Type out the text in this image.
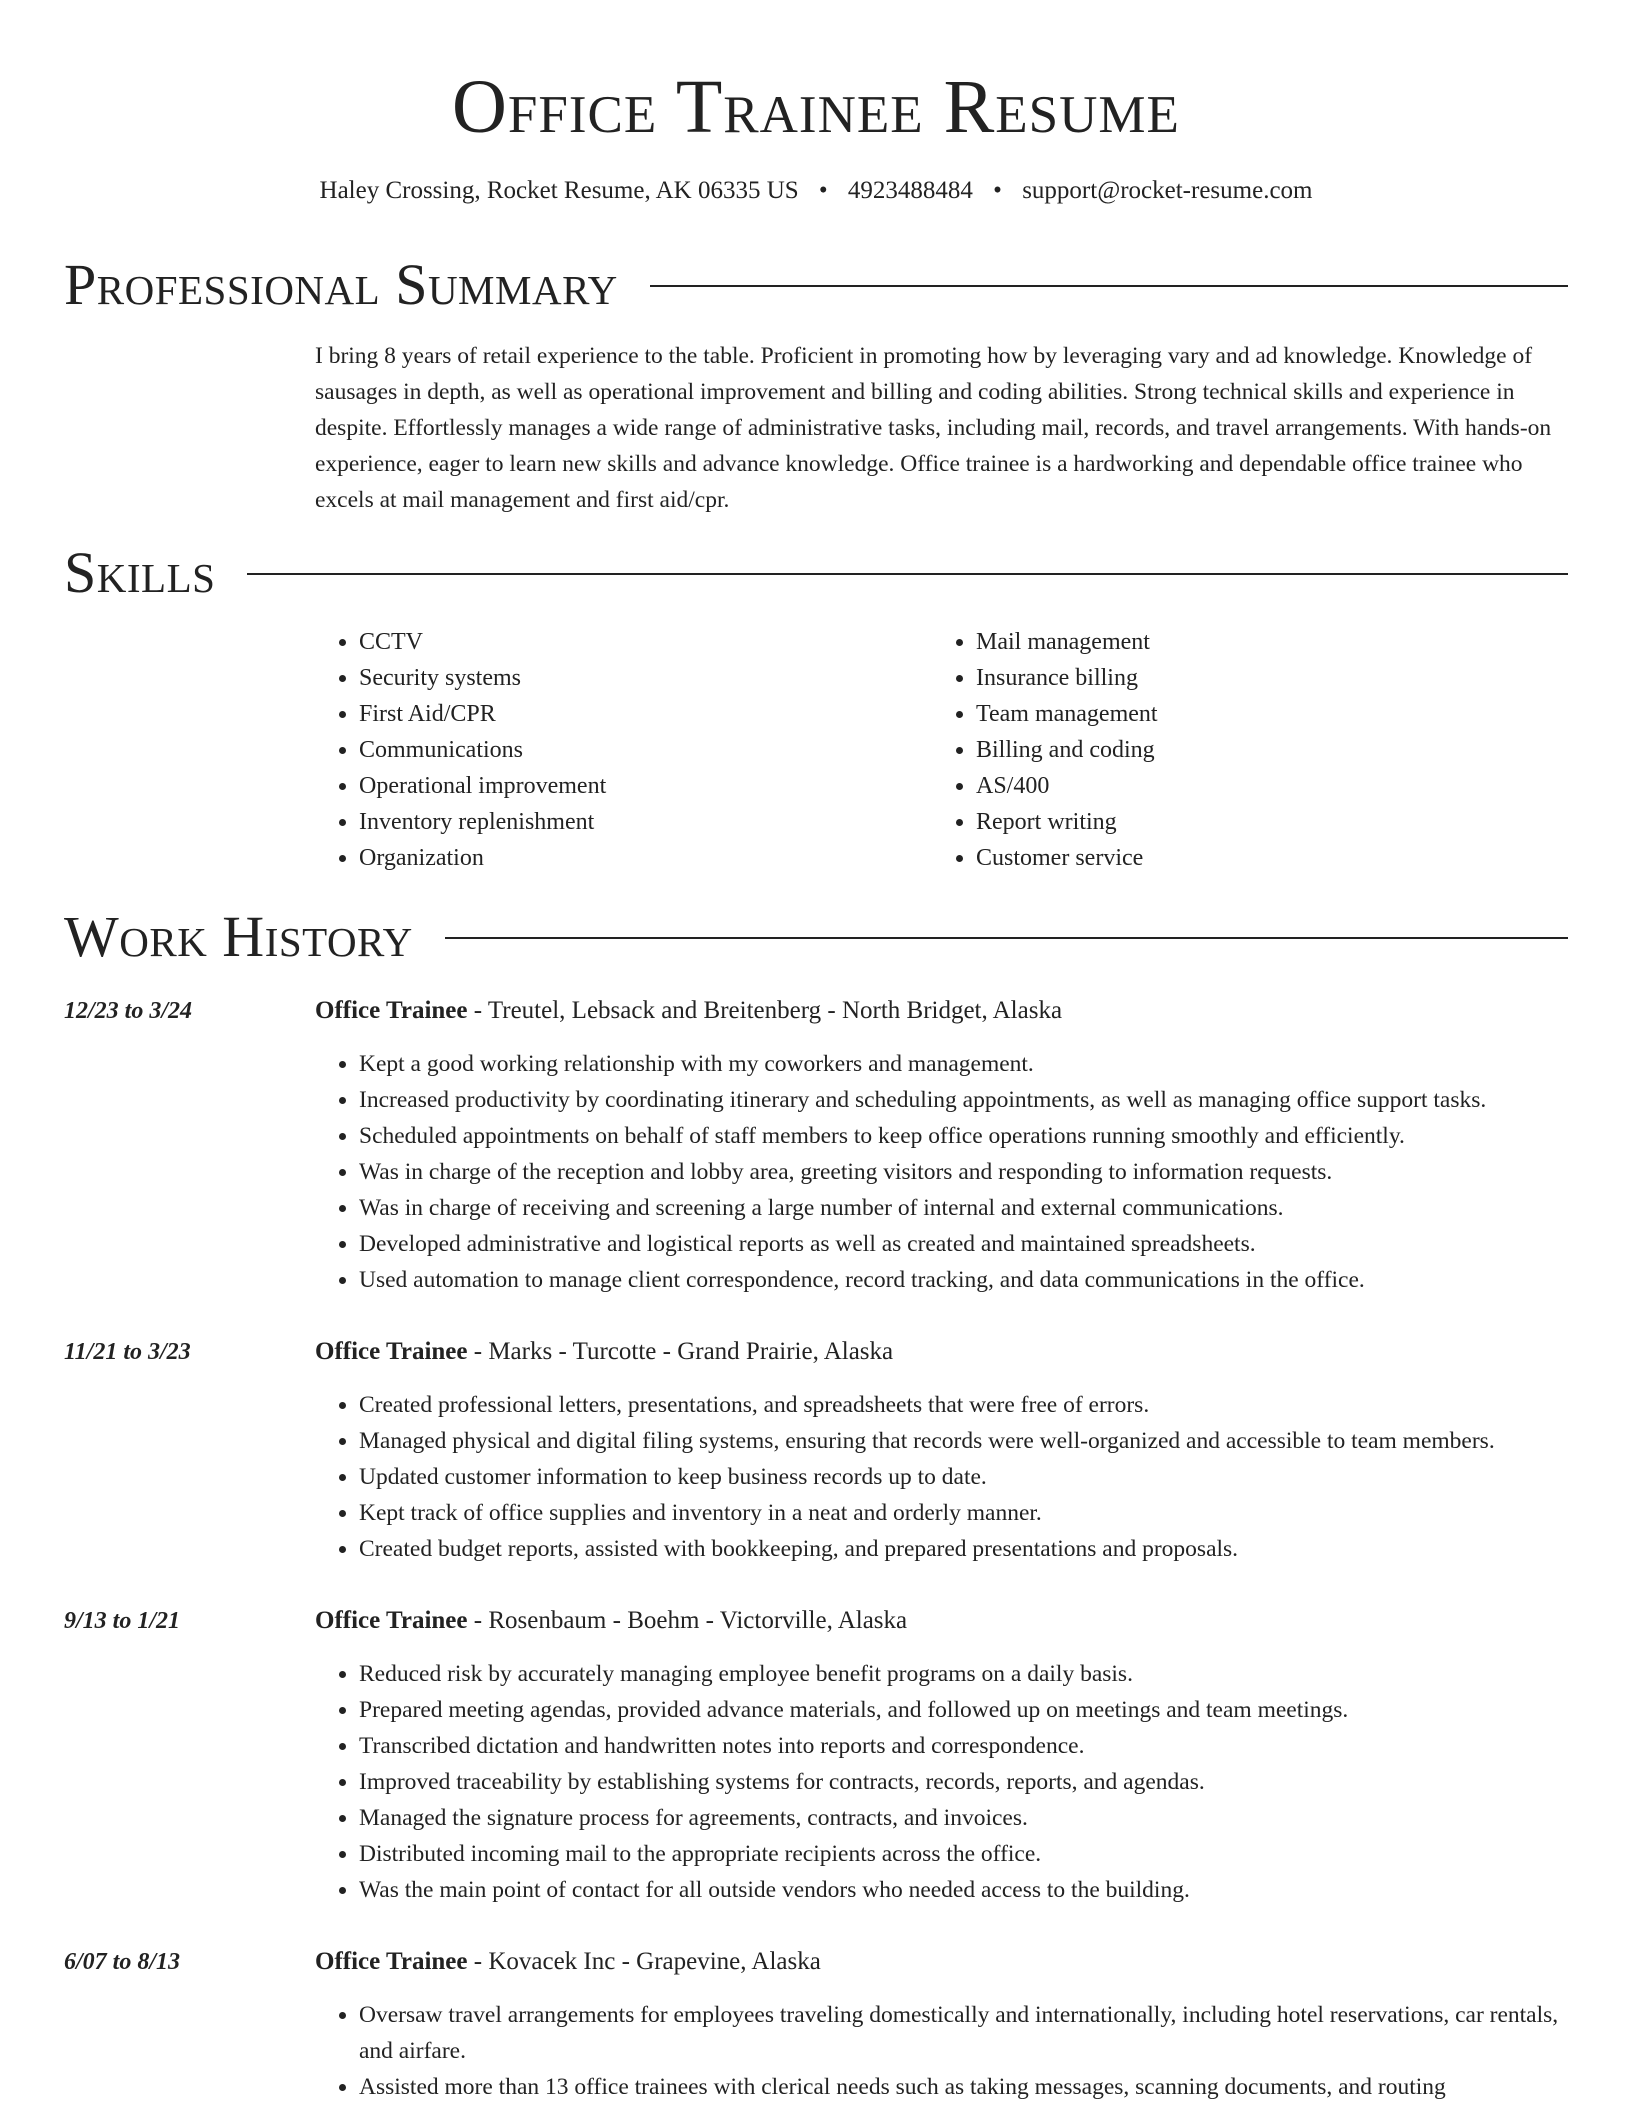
Office Trainee Resume
Haley Crossing, Rocket Resume, AK 06335 US • 4923488484 • support@rocket-resume.com
Professional Summary

I bring 8 years of retail experience to the table. Proficient in promoting how by leveraging vary and ad knowledge. Knowledge of sausages in depth, as well as operational improvement and billing and coding abilities. Strong technical skills and experience in despite. Effortlessly manages a wide range of administrative tasks, including mail, records, and travel arrangements. With hands-on experience, eager to learn new skills and advance knowledge. Office trainee is a hardworking and dependable office trainee who excels at mail management and first aid/cpr.

Skills
• CCTV
• Security systems
• First Aid/CPR
• Communications
• Operational improvement
• Inventory replenishment
• Organization
• Mail management
• Insurance billing
• Team management
• Billing and coding
• AS/400
• Report writing
• Customer service
Work History
12/23 to 3/24	Office Trainee - Treutel, Lebsack and Breitenberg - North Bridget, Alaska
• Kept a good working relationship with my coworkers and management.
• Increased productivity by coordinating itinerary and scheduling appointments, as well as managing office support tasks.
• Scheduled appointments on behalf of staff members to keep office operations running smoothly and efficiently.
• Was in charge of the reception and lobby area, greeting visitors and responding to information requests.
• Was in charge of receiving and screening a large number of internal and external communications.
• Developed administrative and logistical reports as well as created and maintained spreadsheets.
• Used automation to manage client correspondence, record tracking, and data communications in the office.
11/21 to 3/23	Office Trainee - Marks - Turcotte - Grand Prairie, Alaska
• Created professional letters, presentations, and spreadsheets that were free of errors.
• Managed physical and digital filing systems, ensuring that records were well-organized and accessible to team members.
• Updated customer information to keep business records up to date.
• Kept track of office supplies and inventory in a neat and orderly manner.
• Created budget reports, assisted with bookkeeping, and prepared presentations and proposals.
9/13 to 1/21	Office Trainee - Rosenbaum - Boehm - Victorville, Alaska
• Reduced risk by accurately managing employee benefit programs on a daily basis.
• Prepared meeting agendas, provided advance materials, and followed up on meetings and team meetings.
• Transcribed dictation and handwritten notes into reports and correspondence.
• Improved traceability by establishing systems for contracts, records, reports, and agendas.
• Managed the signature process for agreements, contracts, and invoices.
• Distributed incoming mail to the appropriate recipients across the office.
• Was the main point of contact for all outside vendors who needed access to the building.
6/07 to 8/13	Office Trainee - Kovacek Inc - Grapevine, Alaska
• Oversaw travel arrangements for employees traveling domestically and internationally, including hotel reservations, car rentals, and airfare.
• Assisted more than 13 office trainees with clerical needs such as taking messages, scanning documents, and routing
